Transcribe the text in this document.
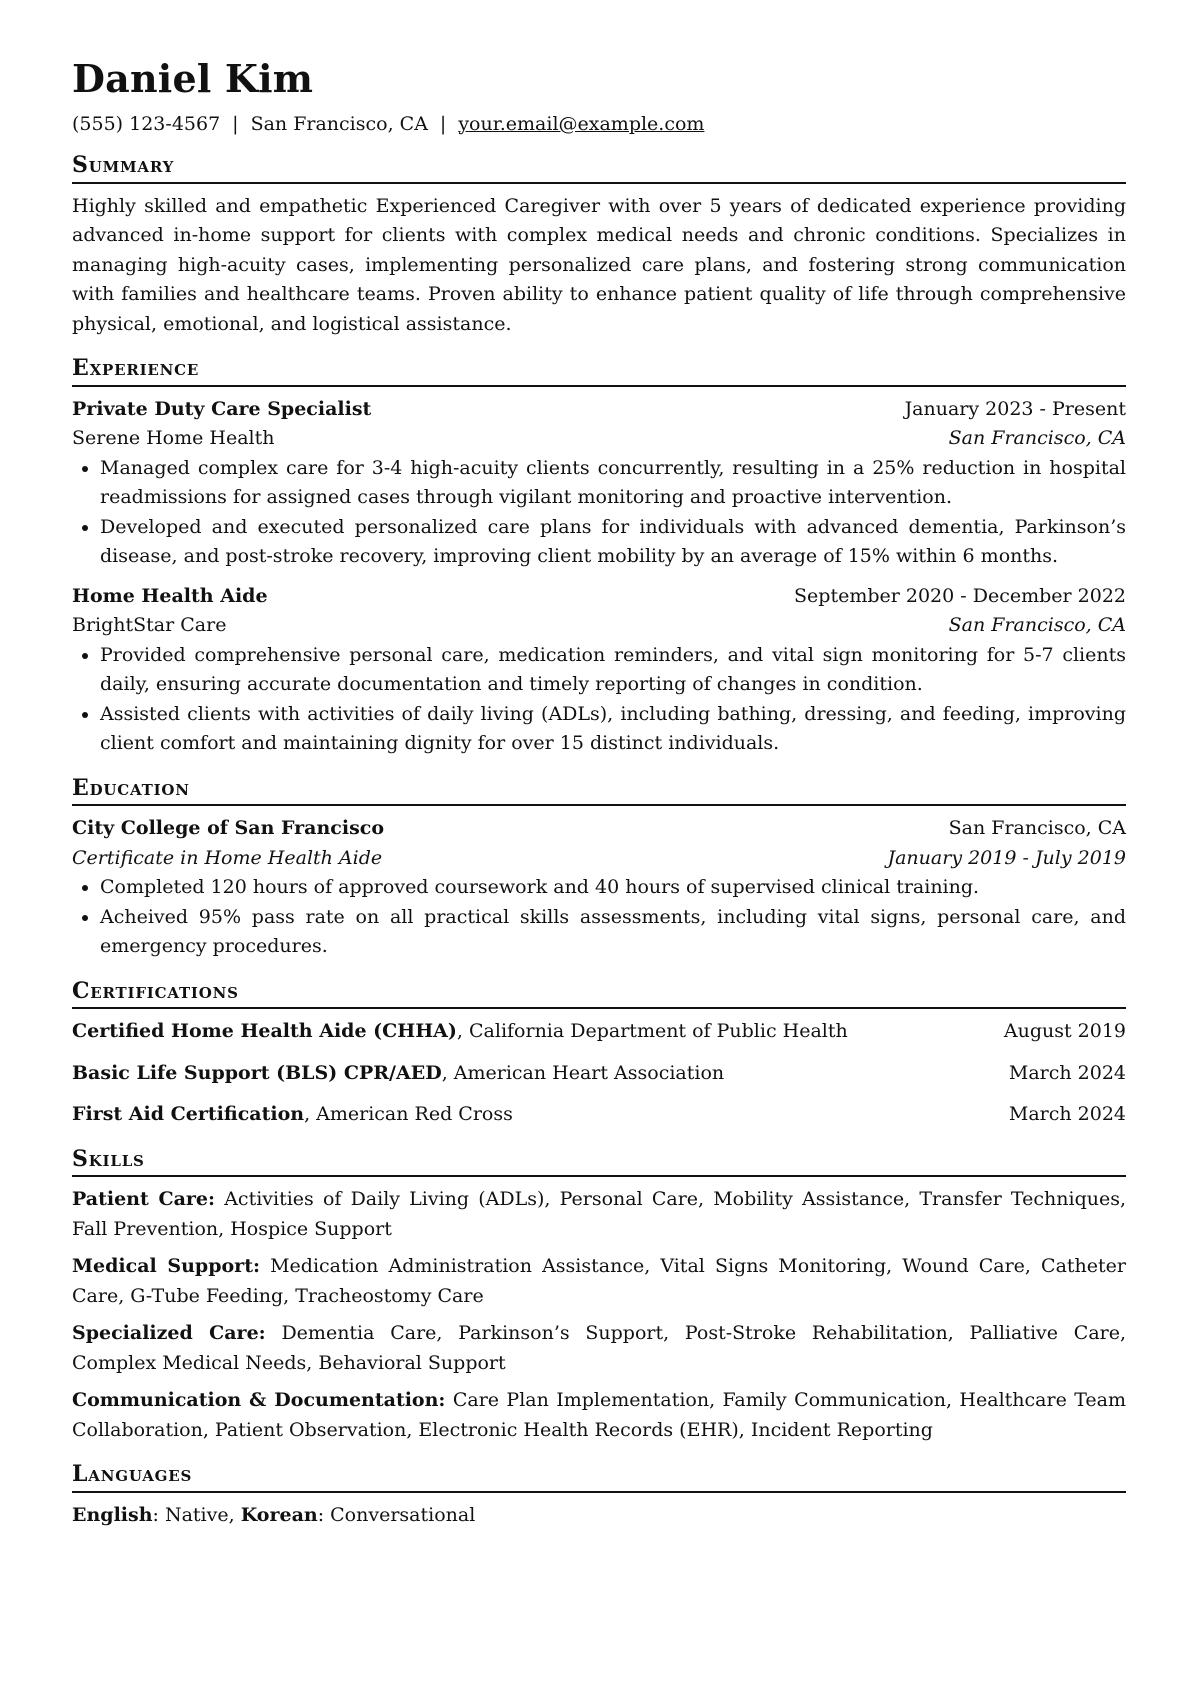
Daniel Kim
(555) 123-4567 | San Francisco, CA | your.email@example.com
Summary

Highly skilled and empathetic Experienced Caregiver with over 5 years of dedicated experience providing advanced in-home support for clients with complex medical needs and chronic conditions. Specializes in managing high-acuity cases, implementing personalized care plans, and fostering strong communication with families and healthcare teams. Proven ability to enhance patient quality of life through comprehensive physical, emotional, and logistical assistance.

Experience
Private Duty Care Specialist	January 2023 - Present
Serene Home Health	San Francisco, CA
• Managed complex care for 3-4 high-acuity clients concurrently, resulting in a 25% reduction in hospital readmissions for assigned cases through vigilant monitoring and proactive intervention.
• Developed and executed personalized care plans for individuals with advanced dementia, Parkinson’s disease, and post-stroke recovery, improving client mobility by an average of 15% within 6 months.
Home Health Aide	September 2020 - December 2022
BrightStar Care	San Francisco, CA
• Provided comprehensive personal care, medication reminders, and vital sign monitoring for 5-7 clients daily, ensuring accurate documentation and timely reporting of changes in condition.
• Assisted clients with activities of daily living (ADLs), including bathing, dressing, and feeding, improving client comfort and maintaining dignity for over 15 distinct individuals.
Education
City College of San Francisco	San Francisco, CA
Certificate in Home Health Aide	January 2019 - July 2019
• Completed 120 hours of approved coursework and 40 hours of supervised clinical training.
• Acheived 95% pass rate on all practical skills assessments, including vital signs, personal care, and emergency procedures.
Certifications
Certified Home Health Aide (CHHA), California Department of Public Health	August 2019
Basic Life Support (BLS) CPR/AED, American Heart Association	March 2024
First Aid Certification, American Red Cross	March 2024
Skills
Patient Care: Activities of Daily Living (ADLs), Personal Care, Mobility Assistance, Transfer Techniques, Fall Prevention, Hospice Support
Medical Support: Medication Administration Assistance, Vital Signs Monitoring, Wound Care, Catheter Care, G-Tube Feeding, Tracheostomy Care
Specialized Care: Dementia Care, Parkinson’s Support, Post-Stroke Rehabilitation, Palliative Care, Complex Medical Needs, Behavioral Support
Communication & Documentation: Care Plan Implementation, Family Communication, Healthcare Team Collaboration, Patient Observation, Electronic Health Records (EHR), Incident Reporting
Languages
English: Native, Korean: Conversational
